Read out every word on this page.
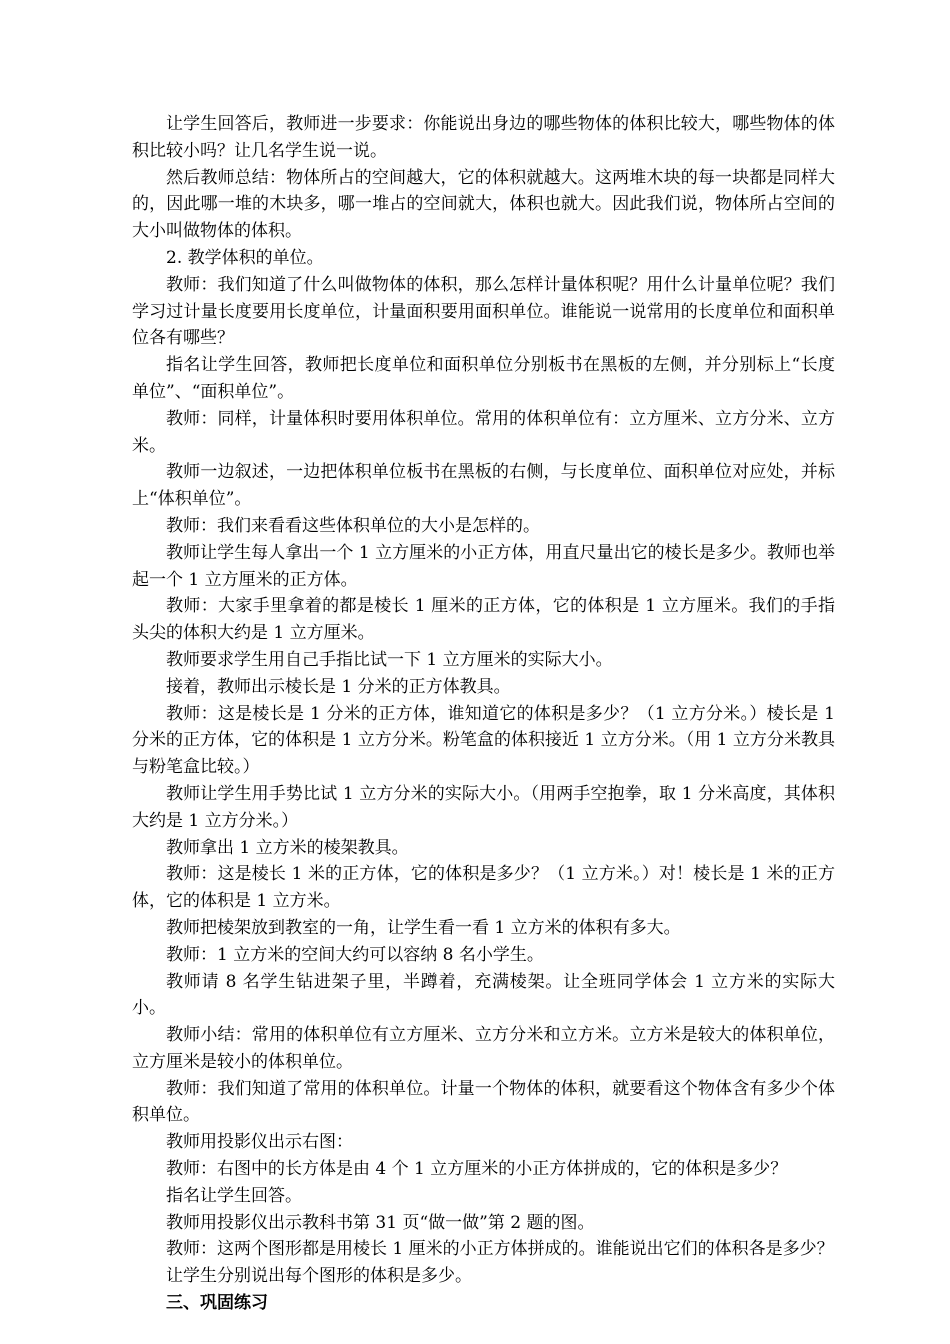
让学生回答后，教师进一步要求：你能说出身边的哪些物体的体积比较大，哪些物体的体积比较小吗？让几名学生说一说。

然后教师总结：物体所占的空间越大，它的体积就越大。这两堆木块的每一块都是同样大的，因此哪一堆的木块多，哪一堆占的空间就大，体积也就大。因此我们说，物体所占空间的大小叫做物体的体积。

2. 教学体积的单位。

教师：我们知道了什么叫做物体的体积，那么怎样计量体积呢？用什么计量单位呢？我们学习过计量长度要用长度单位，计量面积要用面积单位。谁能说一说常用的长度单位和面积单位各有哪些？

指名让学生回答，教师把长度单位和面积单位分别板书在黑板的左侧，并分别标上“长度单位”、“面积单位”。

教师：同样，计量体积时要用体积单位。常用的体积单位有：立方厘米、立方分米、立方米。

教师一边叙述，一边把体积单位板书在黑板的右侧，与长度单位、面积单位对应处，并标上“体积单位”。

教师：我们来看看这些体积单位的大小是怎样的。

教师让学生每人拿出一个 1 立方厘米的小正方体，用直尺量出它的棱长是多少。教师也举起一个 1 立方厘米的正方体。

教师：大家手里拿着的都是棱长 1 厘米的正方体，它的体积是 1 立方厘米。我们的手指头尖的体积大约是 1 立方厘米。

教师要求学生用自己手指比试一下 1 立方厘米的实际大小。

接着，教师出示棱长是 1 分米的正方体教具。

教师：这是棱长是 1 分米的正方体，谁知道它的体积是多少？（1 立方分米。）棱长是 1 分米的正方体，它的体积是 1 立方分米。粉笔盒的体积接近 1 立方分米。（用 1 立方分米教具与粉笔盒比较。）

教师让学生用手势比试 1 立方分米的实际大小。（用两手空抱拳，取 1 分米高度，其体积大约是 1 立方分米。）

教师拿出 1 立方米的棱架教具。

教师：这是棱长 1 米的正方体，它的体积是多少？（1 立方米。）对！棱长是 1 米的正方体，它的体积是 1 立方米。

教师把棱架放到教室的一角，让学生看一看 1 立方米的体积有多大。

教师：1 立方米的空间大约可以容纳 8 名小学生。

教师请 8 名学生钻进架子里，半蹲着，充满棱架。让全班同学体会 1 立方米的实际大小。

教师小结：常用的体积单位有立方厘米、立方分米和立方米。立方米是较大的体积单位，立方厘米是较小的体积单位。

教师：我们知道了常用的体积单位。计量一个物体的体积，就要看这个物体含有多少个体积单位。

教师用投影仪出示右图：

教师：右图中的长方体是由 4 个 1 立方厘米的小正方体拼成的，它的体积是多少？

指名让学生回答。

教师用投影仪出示教科书第 31 页“做一做”第 2 题的图。

教师：这两个图形都是用棱长 1 厘米的小正方体拼成的。谁能说出它们的体积各是多少？

让学生分别说出每个图形的体积是多少。

三、巩固练习
